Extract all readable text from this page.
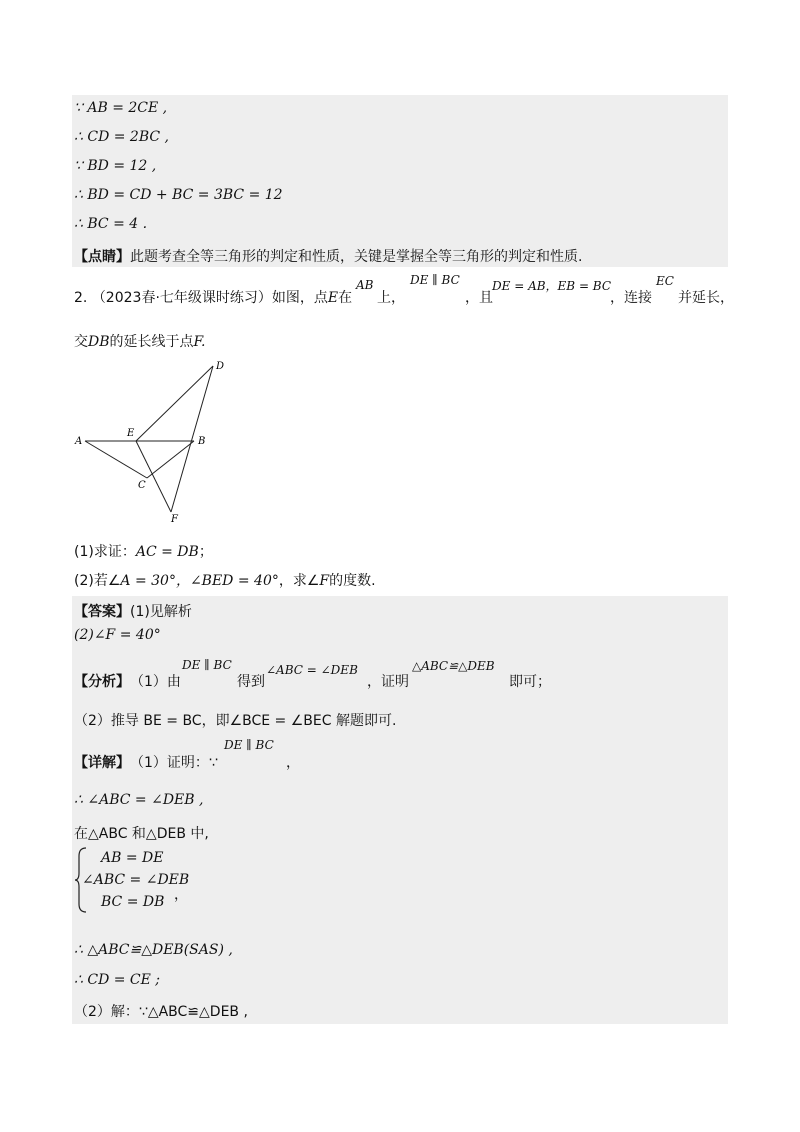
∵ AB = 2CE ,
∴ CD = 2BC ,
∵ BD = 12 ,
∴ BD = CD + BC = 3BC = 12
∴ BC = 4 .
【点睛】此题考查全等三角形的判定和性质，关键是掌握全等三角形的判定和性质.
2. （2023春·七年级课时练习）如图，点E在
AB
上，
DE ∥ BC
，且
DE = AB，EB = BC
，连接
EC
并延长，
交DB的延长线于点F.
A
E
B
D
C
F
(1)求证：AC = DB；
(2)若∠A = 30°，∠BED = 40°，求∠F的度数.
【答案】(1)见解析
(2)∠F = 40°
【分析】 （1）由
DE ∥ BC
得到
∠ABC = ∠DEB
，证明
△ABC≌△DEB
即可；
（2）推导 BE = BC，即∠BCE = ∠BEC 解题即可.
【详解】 （1）证明：∵
DE ∥ BC
，
∴ ∠ABC = ∠DEB ,
在△ABC 和△DEB 中,
AB = DE
∠ABC = ∠DEB
BC = DB ，
∴ △ABC≌△DEB(SAS) ,
∴ CD = CE ;
（2）解：∵△ABC≌△DEB ,
